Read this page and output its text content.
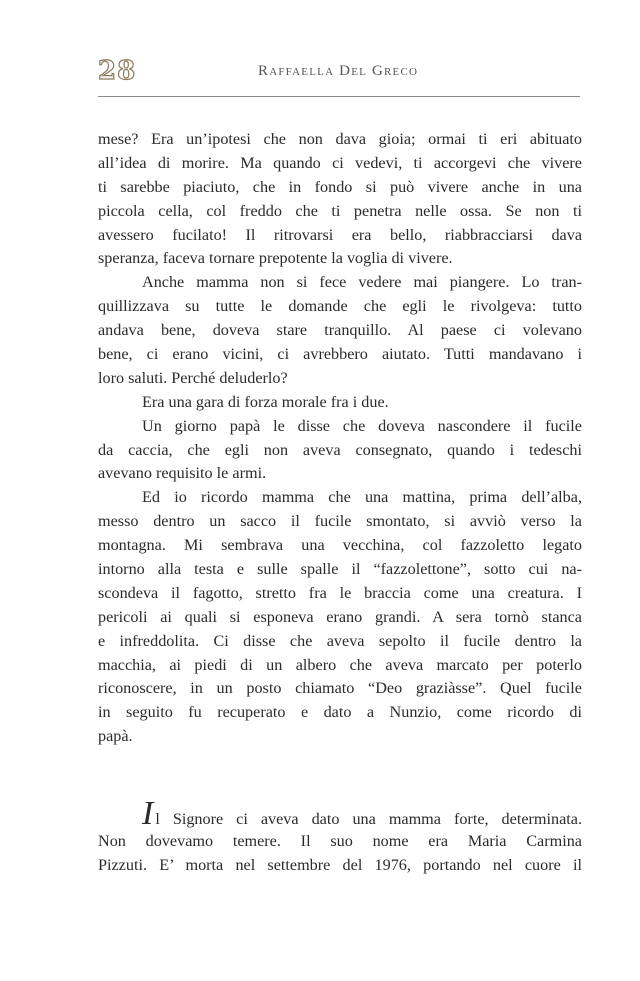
28	Raffaella Del Greco
mese? Era un’ipotesi che non dava gioia; ormai ti eri abituato
all’idea di morire. Ma quando ci vedevi, ti accorgevi che vivere
ti sarebbe piaciuto, che in fondo si può vivere anche in una
piccola cella, col freddo che ti penetra nelle ossa. Se non ti
avessero fucilato! Il ritrovarsi era bello, riabbracciarsi dava
speranza, faceva tornare prepotente la voglia di vivere.
Anche mamma non si fece vedere mai piangere. Lo tran-
quillizzava su tutte le domande che egli le rivolgeva: tutto
andava bene, doveva stare tranquillo. Al paese ci volevano
bene, ci erano vicini, ci avrebbero aiutato. Tutti mandavano i
loro saluti. Perché deluderlo?
Era una gara di forza morale fra i due.
Un giorno papà le disse che doveva nascondere il fucile
da caccia, che egli non aveva consegnato, quando i tedeschi
avevano requisito le armi.
Ed io ricordo mamma che una mattina, prima dell’alba,
messo dentro un sacco il fucile smontato, si avviò verso la
montagna. Mi sembrava una vecchina, col fazzoletto legato
intorno alla testa e sulle spalle il “fazzolettone”, sotto cui na-
scondeva il fagotto, stretto fra le braccia come una creatura. I
pericoli ai quali si esponeva erano grandi. A sera tornò stanca
e infreddolita. Ci disse che aveva sepolto il fucile dentro la
macchia, ai piedi di un albero che aveva marcato per poterlo
riconoscere, in un posto chiamato “Deo graziàsse”. Quel fucile
in seguito fu recuperato e dato a Nunzio, come ricordo di
papà.
Il Signore ci aveva dato una mamma forte, determinata.
Non dovevamo temere. Il suo nome era Maria Carmina
Pizzuti. E’ morta nel settembre del 1976, portando nel cuore il
